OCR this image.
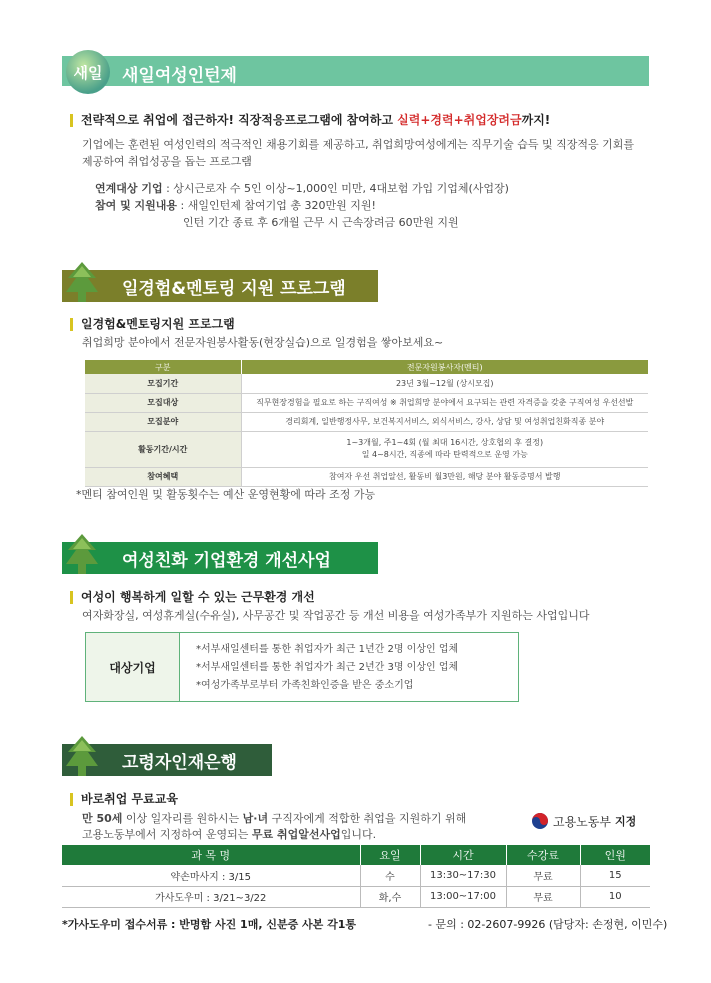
새일 새일여성인턴제
전략적으로 취업에 접근하자! 직장적응프로그램에 참여하고 실력+경력+취업장려금까지!
기업에는 훈련된 여성인력의 적극적인 채용기회를 제공하고, 취업희망여성에게는 직무기술 습득 및 직장적응 기회를
제공하여 취업성공을 돕는 프로그램
연계대상 기업 : 상시근로자 수 5인 이상~1,000인 미만, 4대보험 가입 기업체(사업장)
참여 및 지원내용 : 새일인턴제 참여기업 총 320만원 지원!
인턴 기간 종료 후 6개월 근무 시 근속장려금 60만원 지원
일경험&멘토링 지원 프로그램
일경험&멘토링지원 프로그램
취업희망 분야에서 전문자원봉사활동(현장실습)으로 일경험을 쌓아보세요~
구분	전문자원봉사자(멘티)
모집기간	23년 3월~12월 (상시모집)
모집대상	직무현장경험을 필요로 하는 구직여성 ※ 취업희망 분야에서 요구되는 관련 자격증을 갖춘 구직여성 우선선발
모집분야	경리회계, 일반행정사무, 보건복지서비스, 외식서비스, 강사, 상담 및 여성취업친화직종 분야
활동기간/시간	1~3개월, 주1~4회 (월 최대 16시간, 상호협의 후 결정)
일 4~8시간, 직종에 따라 탄력적으로 운영 가능

참여혜택	참여자 우선 취업알선, 활동비 월3만원, 해당 분야 활동증명서 발행
*멘티 참여인원 및 활동횟수는 예산 운영현황에 따라 조정 가능
여성친화 기업환경 개선사업
여성이 행복하게 일할 수 있는 근무환경 개선
여자화장실, 여성휴게실(수유실), 사무공간 및 작업공간 등 개선 비용을 여성가족부가 지원하는 사업입니다
대상기업
*서부새일센터를 통한 취업자가 최근 1년간 2명 이상인 업체
*서부새일센터를 통한 취업자가 최근 2년간 3명 이상인 업체
*여성가족부로부터 가족친화인증을 받은 중소기업
고령자인재은행
바로취업 무료교육
만 50세 이상 일자리를 원하시는 남·녀 구직자에게 적합한 취업을 지원하기 위해
고용노동부에서 지정하여 운영되는 무료 취업알선사업입니다.
고용노동부 지정
과 목 명	요일	시간	수강료	인원
약손마사지 : 3/15	수	13:30~17:30	무료	15
가사도우미 : 3/21~3/22	화,수	13:00~17:00	무료	10
*가사도우미 접수서류 : 반명함 사진 1매, 신분증 사본 각1통	- 문의 : 02-2607-9926 (담당자: 손정현, 이민수)
